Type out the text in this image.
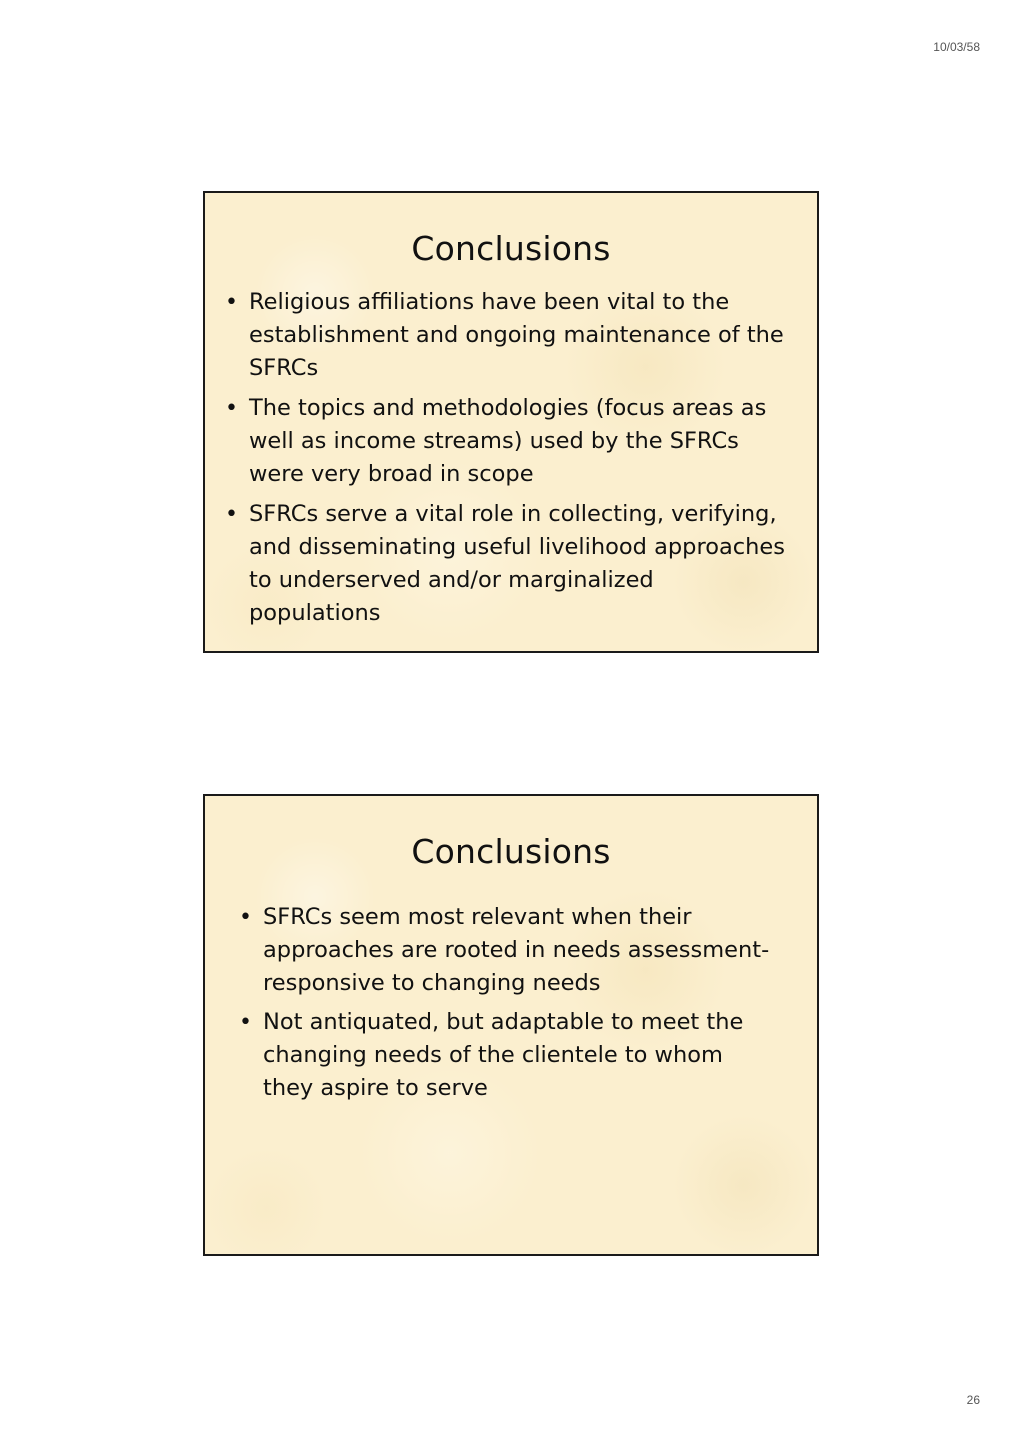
10/03/58
Conclusions
• Religious affiliations have been vital to the establishment and ongoing maintenance of the SFRCs
• The topics and methodologies (focus areas as well as income streams) used by the SFRCs were very broad in scope
• SFRCs serve a vital role in collecting, verifying, and disseminating useful livelihood approaches to underserved and/or marginalized populations
Conclusions
• SFRCs seem most relevant when their approaches are rooted in needs assessment-responsive to changing needs
• Not antiquated, but adaptable to meet the changing needs of the clientele to whom they aspire to serve
26
